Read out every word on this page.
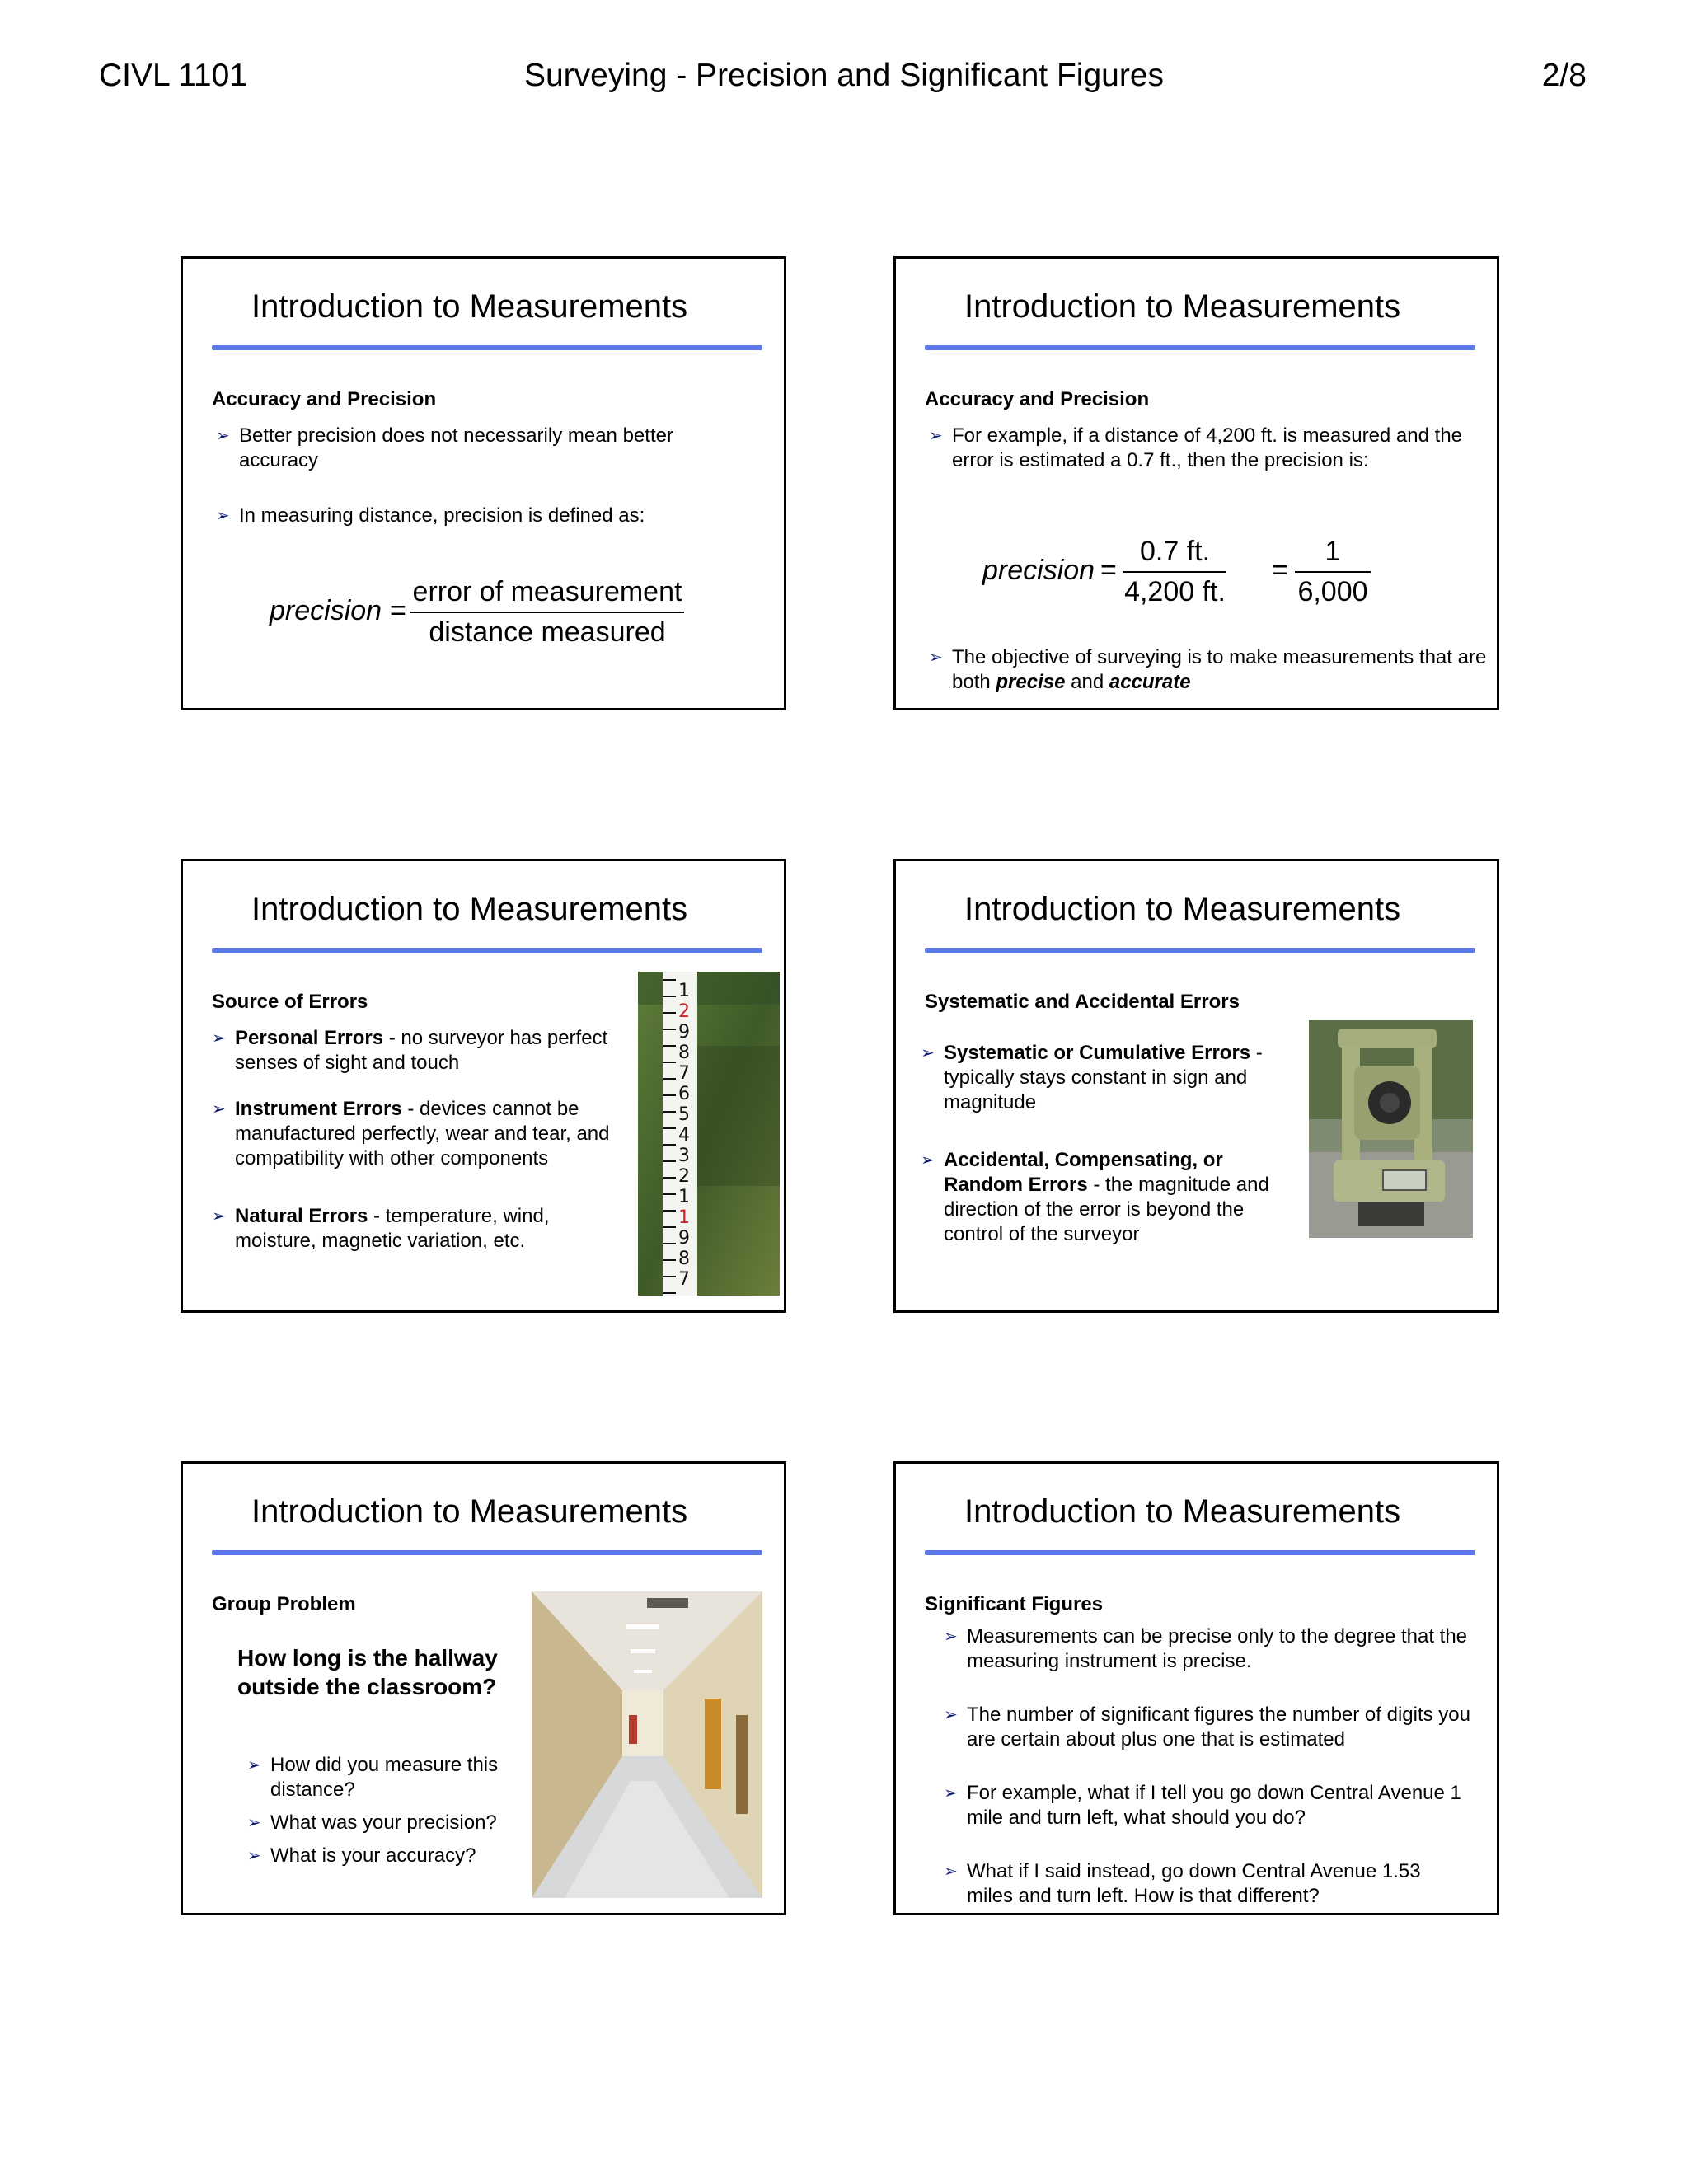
CIVL 1101	Surveying - Precision and Significant Figures	2/8
Introduction to Measurements
Accuracy and Precision
➢ Better precision does not necessarily mean better accuracy
➢ In measuring distance, precision is defined as:
precision =
error of measurement
distance measured
Introduction to Measurements
Accuracy and Precision
➢ For example, if a distance of 4,200 ft. is measured and the error is estimated a 0.7 ft., then the precision is:
precision = $\frac{0.7 ft.}{4,200 ft.} = \frac{1}{6,000}$
➢ The objective of surveying is to make measurements that are both precise and accurate
Introduction to Measurements
Source of Errors
➢ Personal Errors - no surveyor has perfect senses of sight and touch
➢ Instrument Errors - devices cannot be manufactured perfectly, wear and tear, and compatibility with other components
➢ Natural Errors - temperature, wind, moisture, magnetic variation, etc.
1
2
9
8
7
6
5
4
3
2
1
1
9
8
7
Introduction to Measurements
Systematic and Accidental Errors
➢ Systematic or Cumulative Errors - typically stays constant in sign and magnitude
➢ Accidental, Compensating, or Random Errors - the magnitude and direction of the error is beyond the control of the surveyor
Introduction to Measurements
Group Problem
How long is the hallway outside the classroom?
➢ How did you measure this distance?
➢ What was your precision?
➢ What is your accuracy?
Introduction to Measurements
Significant Figures
➢ Measurements can be precise only to the degree that the measuring instrument is precise.
➢ The number of significant figures the number of digits you are certain about plus one that is estimated
➢ For example, what if I tell you go down Central Avenue 1 mile and turn left, what should you do?
➢ What if I said instead, go down Central Avenue 1.53 miles and turn left. How is that different?
